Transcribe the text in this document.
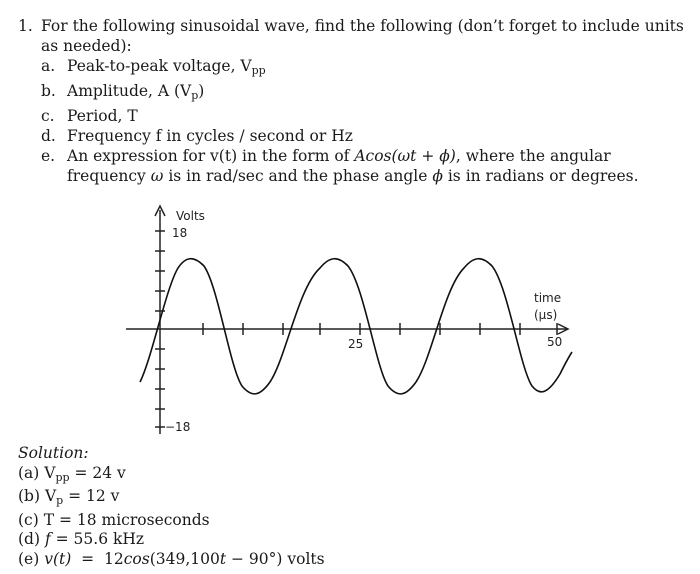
1. For the following sinusoidal wave, find the following (don’t forget to include units as needed):
a. Peak-to-peak voltage, $V_{pp}$
b. Amplitude, A $(V_p)$
c. Period, T
d. Frequency f in cycles / second or Hz
e. An expression for v(t) in the form of Acos(ωt + ϕ), where the angular frequency ω is in rad/sec and the phase angle ϕ is in radians or degrees.
Volts
18
−18
25	50
time
(μs)
Solution:
(a) $V_{pp} = 24$ v
(b) $V_p = 12$ v
(c) T = 18 microseconds
(d) f = 55.6 kHz
(e) v(t)  =  12cos(349,100t − 90°) volts
